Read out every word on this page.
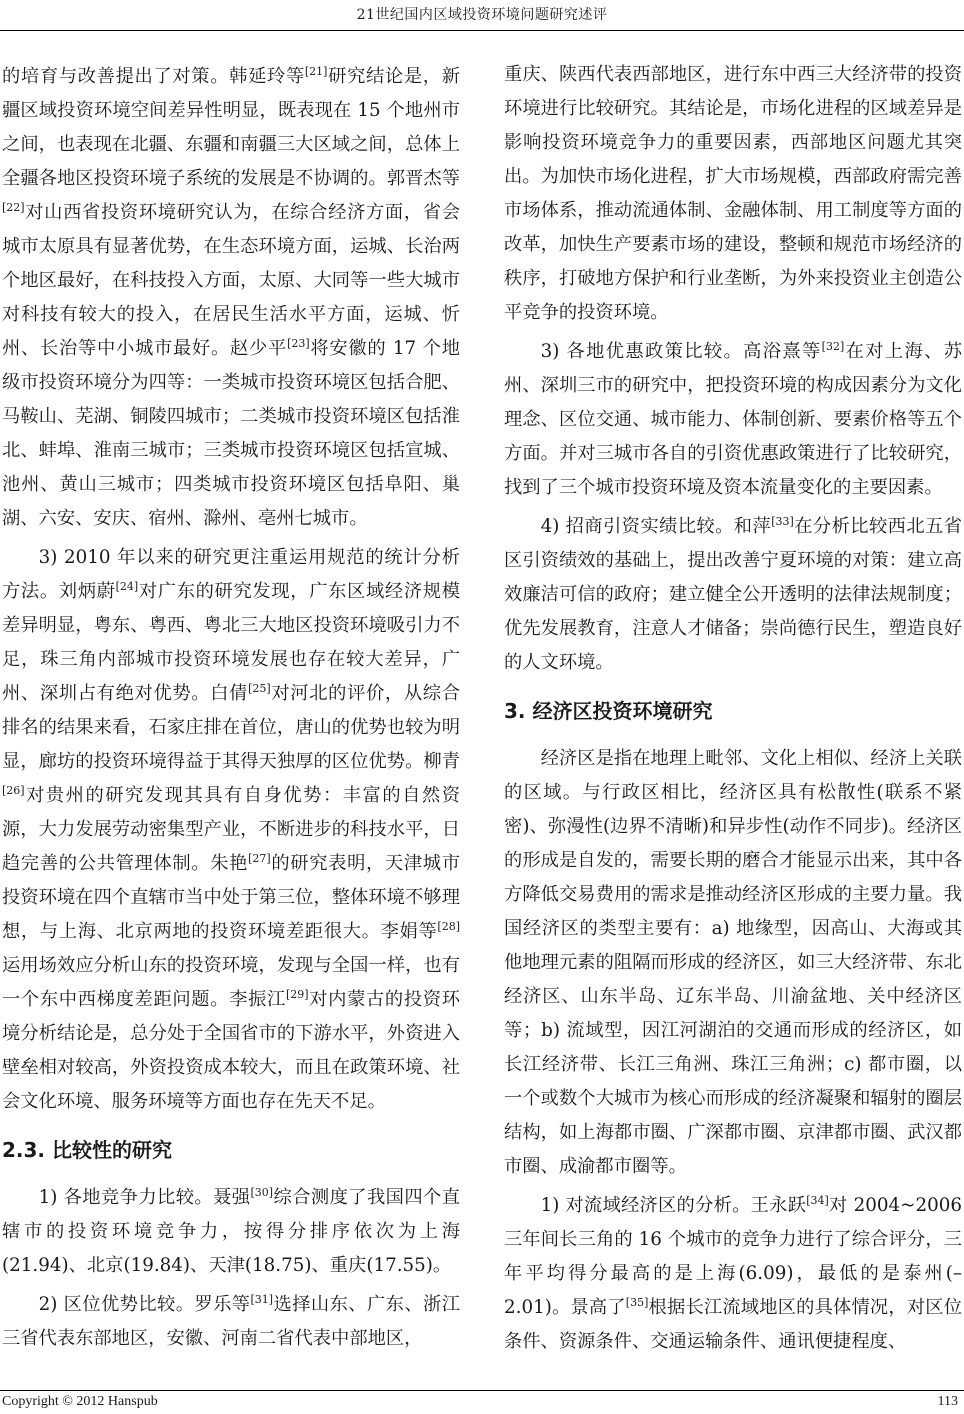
21世纪国内区域投资环境问题研究述评

的培育与改善提出了对策。韩延玲等[21]研究结论是，新疆区域投资环境空间差异性明显，既表现在 15 个地州市之间，也表现在北疆、东疆和南疆三大区域之间，总体上全疆各地区投资环境子系统的发展是不协调的。郭晋杰等[22]对山西省投资环境研究认为，在综合经济方面，省会城市太原具有显著优势，在生态环境方面，运城、长治两个地区最好，在科技投入方面，太原、大同等一些大城市对科技有较大的投入，在居民生活水平方面，运城、忻州、长治等中小城市最好。赵少平[23]将安徽的 17 个地级市投资环境分为四等：一类城市投资环境区包括合肥、马鞍山、芜湖、铜陵四城市；二类城市投资环境区包括淮北、蚌埠、淮南三城市；三类城市投资环境区包括宣城、池州、黄山三城市；四类城市投资环境区包括阜阳、巢湖、六安、安庆、宿州、滁州、亳州七城市。

3) 2010 年以来的研究更注重运用规范的统计分析方法。刘炳蔚[24]对广东的研究发现，广东区域经济规模差异明显，粤东、粤西、粤北三大地区投资环境吸引力不足，珠三角内部城市投资环境发展也存在较大差异，广州、深圳占有绝对优势。白倩[25]对河北的评价，从综合排名的结果来看，石家庄排在首位，唐山的优势也较为明显，廊坊的投资环境得益于其得天独厚的区位优势。柳青[26]对贵州的研究发现其具有自身优势：丰富的自然资源，大力发展劳动密集型产业，不断进步的科技水平，日趋完善的公共管理体制。朱艳[27]的研究表明，天津城市投资环境在四个直辖市当中处于第三位，整体环境不够理想，与上海、北京两地的投资环境差距很大。李娟等[28]运用场效应分析山东的投资环境，发现与全国一样，也有一个东中西梯度差距问题。李振江[29]对内蒙古的投资环境分析结论是，总分处于全国省市的下游水平，外资进入壁垒相对较高，外资投资成本较大，而且在政策环境、社会文化环境、服务环境等方面也存在先天不足。

2.3. 比较性的研究

1) 各地竞争力比较。聂强[30]综合测度了我国四个直辖市的投资环境竞争力，按得分排序依次为上海(21.94)、北京(19.84)、天津(18.75)、重庆(17.55)。

2) 区位优势比较。罗乐等[31]选择山东、广东、浙江三省代表东部地区，安徽、河南二省代表中部地区，

重庆、陕西代表西部地区，进行东中西三大经济带的投资环境进行比较研究。其结论是，市场化进程的区域差异是影响投资环境竞争力的重要因素，西部地区问题尤其突出。为加快市场化进程，扩大市场规模，西部政府需完善市场体系，推动流通体制、金融体制、用工制度等方面的改革，加快生产要素市场的建设，整顿和规范市场经济的秩序，打破地方保护和行业垄断，为外来投资业主创造公平竞争的投资环境。

3) 各地优惠政策比较。高浴熹等[32]在对上海、苏州、深圳三市的研究中，把投资环境的构成因素分为文化理念、区位交通、城市能力、体制创新、要素价格等五个方面。并对三城市各自的引资优惠政策进行了比较研究，找到了三个城市投资环境及资本流量变化的主要因素。

4) 招商引资实绩比较。和萍[33]在分析比较西北五省区引资绩效的基础上，提出改善宁夏环境的对策：建立高效廉洁可信的政府；建立健全公开透明的法律法规制度；优先发展教育，注意人才储备；崇尚德行民生，塑造良好的人文环境。

3. 经济区投资环境研究

经济区是指在地理上毗邻、文化上相似、经济上关联的区域。与行政区相比，经济区具有松散性(联系不紧密)、弥漫性(边界不清晰)和异步性(动作不同步)。经济区的形成是自发的，需要长期的磨合才能显示出来，其中各方降低交易费用的需求是推动经济区形成的主要力量。我国经济区的类型主要有：a) 地缘型，因高山、大海或其他地理元素的阻隔而形成的经济区，如三大经济带、东北经济区、山东半岛、辽东半岛、川渝盆地、关中经济区等；b) 流域型，因江河湖泊的交通而形成的经济区，如长江经济带、长江三角洲、珠江三角洲；c) 都市圈，以一个或数个大城市为核心而形成的经济凝聚和辐射的圈层结构，如上海都市圈、广深都市圈、京津都市圈、武汉都市圈、成渝都市圈等。

1) 对流域经济区的分析。王永跃[34]对 2004~2006 三年间长三角的 16 个城市的竞争力进行了综合评分，三年平均得分最高的是上海(6.09)，最低的是泰州(–2.01)。景高了[35]根据长江流域地区的具体情况，对区位条件、资源条件、交通运输条件、通讯便捷程度、

Copyright © 2012 Hanspub	113
